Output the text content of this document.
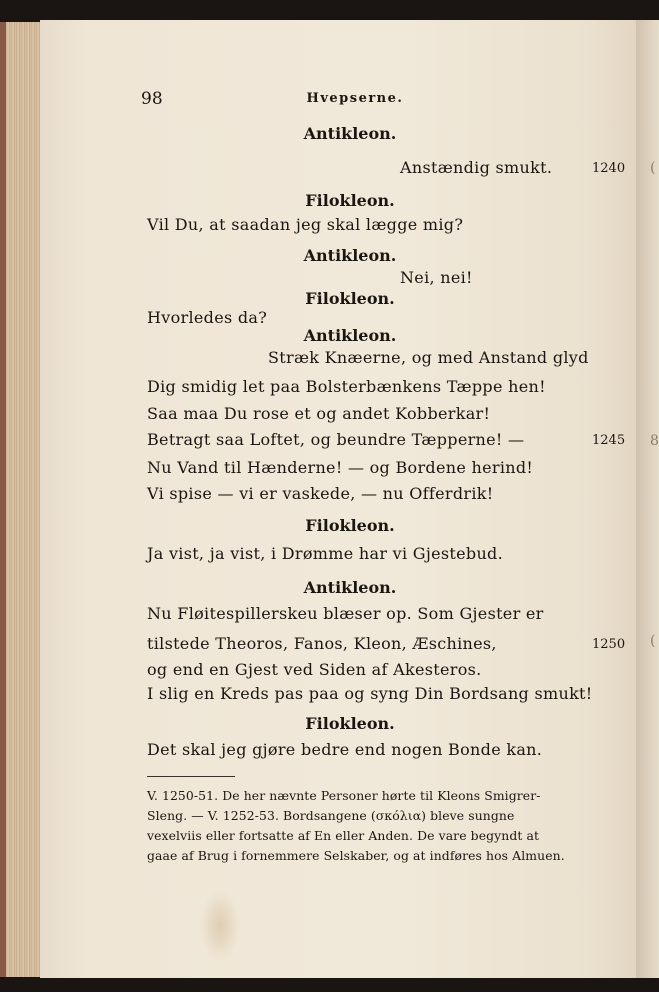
98	Hvepserne.
Antikleon.
Anstændig smukt.	1240
Filokleon.
Vil Du, at saadan jeg skal lægge mig?
Antikleon.
Nei, nei!
Filokleon.
Hvorledes da?
Antikleon.
Stræk Knæerne, og med Anstand glyd
Dig smidig let paa Bolsterbænkens Tæppe hen!
Saa maa Du rose et og andet Kobberkar!
Betragt saa Loftet, og beundre Tæpperne! —	1245
Nu Vand til Hænderne! — og Bordene herind!
Vi spise — vi er vaskede, — nu Offerdrik!
Filokleon.
Ja vist, ja vist, i Drømme har vi Gjestebud.
Antikleon.
Nu Fløitespillerskeu blæser op. Som Gjester er
tilstede Theoros, Fanos, Kleon, Æschines,	1250
og end en Gjest ved Siden af Akesteros.
I slig en Kreds pas paa og syng Din Bordsang smukt!
Filokleon.
Det skal jeg gjøre bedre end nogen Bonde kan.
V. 1250-51. De her nævnte Personer hørte til Kleons Smigrer-
Sleng. — V. 1252-53. Bordsangene (σκόλια) bleve sungne
vexelviis eller fortsatte af En eller Anden. De vare begyndt at
gaae af Brug i fornemmere Selskaber, og at indføres hos Almuen.
(
8
(
